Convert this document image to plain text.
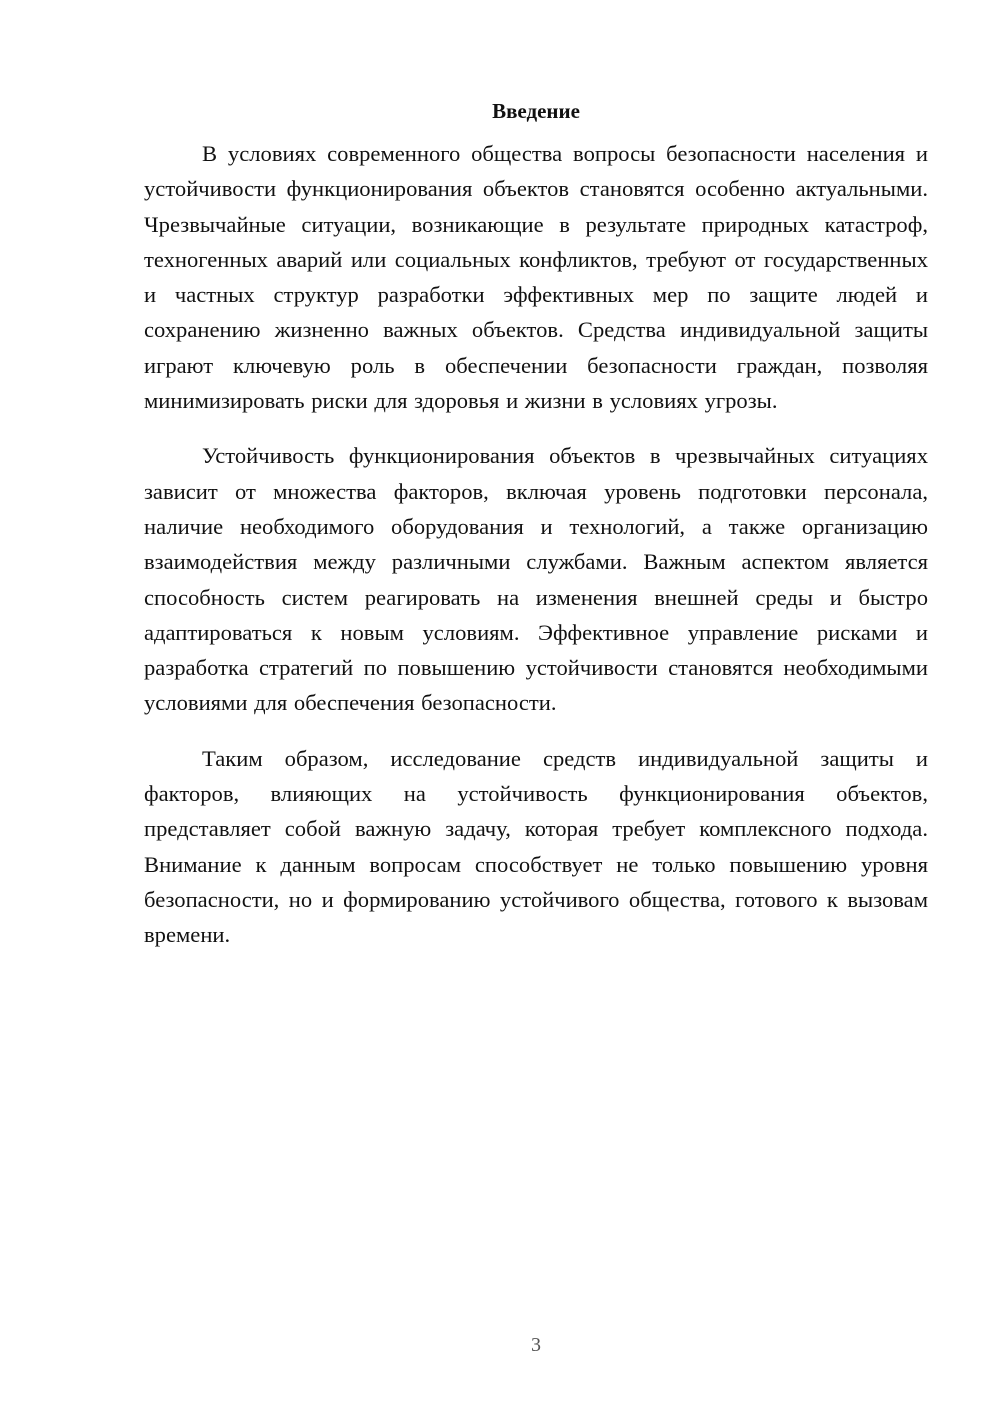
Введение

В условиях современного общества вопросы безопасности населения и устойчивости функционирования объектов становятся особенно актуальными. Чрезвычайные ситуации, возникающие в результате природных катастроф, техногенных аварий или социальных конфликтов, требуют от государственных и частных структур разработки эффективных мер по защите людей и сохранению жизненно важных объектов. Средства индивидуальной защиты играют ключевую роль в обеспечении безопасности граждан, позволяя минимизировать риски для здоровья и жизни в условиях угрозы.

Устойчивость функционирования объектов в чрезвычайных ситуациях зависит от множества факторов, включая уровень подготовки персонала, наличие необходимого оборудования и технологий, а также организацию взаимодействия между различными службами. Важным аспектом является способность систем реагировать на изменения внешней среды и быстро адаптироваться к новым условиям. Эффективное управление рисками и разработка стратегий по повышению устойчивости становятся необходимыми условиями для обеспечения безопасности.

Таким образом, исследование средств индивидуальной защиты и факторов, влияющих на устойчивость функционирования объектов, представляет собой важную задачу, которая требует комплексного подхода. Внимание к данным вопросам способствует не только повышению уровня безопасности, но и формированию устойчивого общества, готового к вызовам времени.

3
